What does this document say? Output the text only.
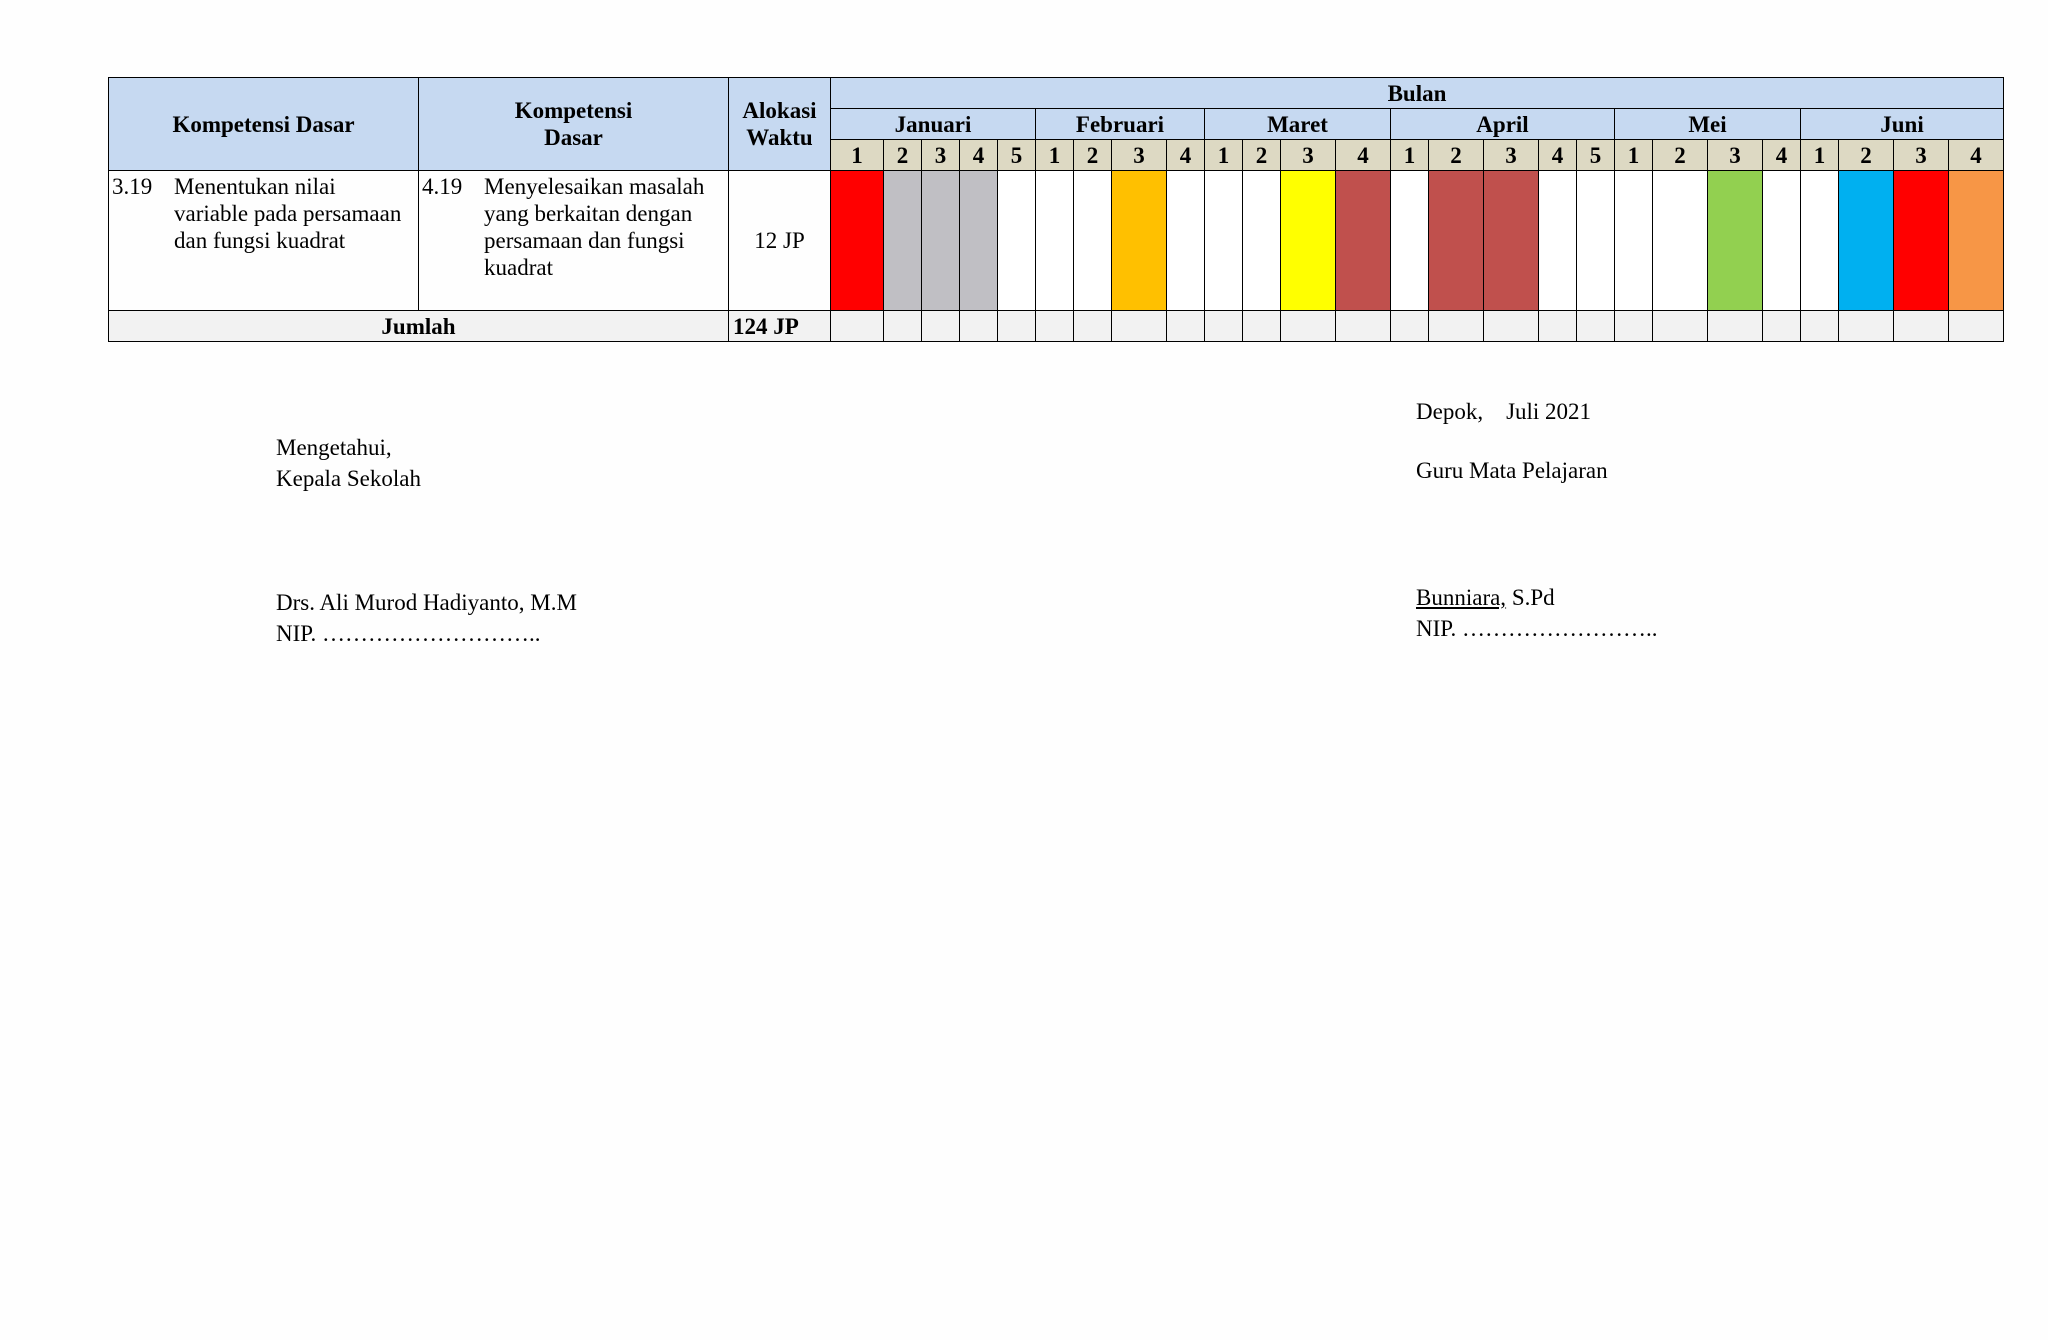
Kompetensi Dasar	Kompetensi Dasar	Alokasi Waktu	Bulan																									
			Januari					Februari				Maret				April					Mei				Juni			
			1	2	3	4	5	1	2	3	4	1	2	3	4	1	2	3	4	5	1	2	3	4	1	2	3	4

3.19 Menentukan nilai variable pada persamaan dan fungsi kuadrat	4.19 Menyelesaikan masalah yang berkaitan dengan persamaan dan fungsi kuadrat	12 JP																										
Jumlah		124 JP																										
Mengetahui,
Kepala Sekolah
Drs. Ali Murod Hadiyanto, M.M
NIP. ………………………..
Depok,    Juli 2021
Guru Mata Pelajaran
Bunniara, S.Pd
NIP. ……………………..
